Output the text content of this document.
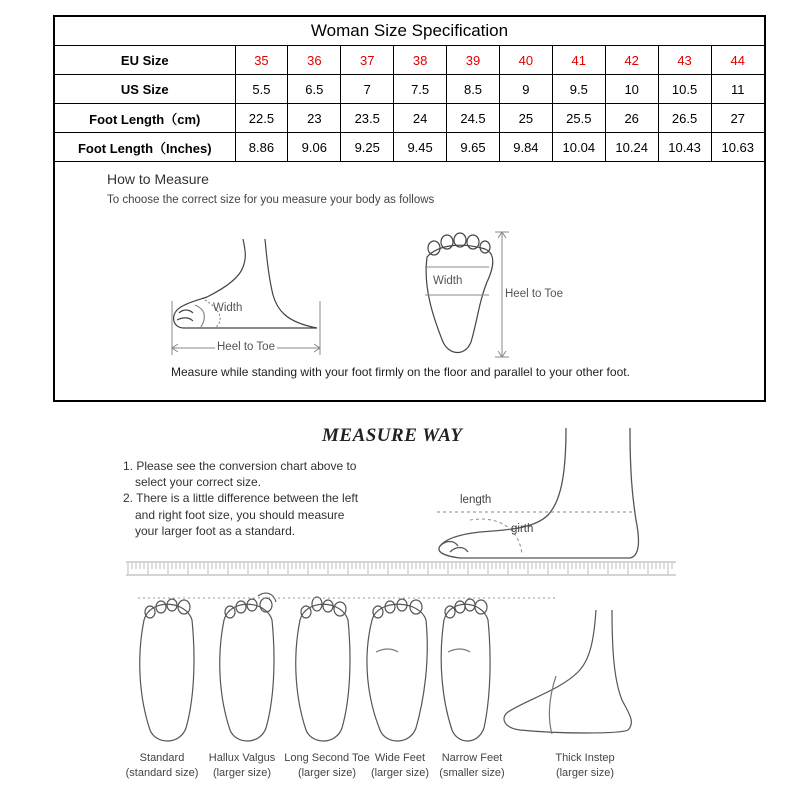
Woman Size Specification										
EU Size	35	36	37	38	39	40	41	42	43	44
US Size	5.5	6.5	7	7.5	8.5	9	9.5	10	10.5	11
Foot Length（cm)	22.5	23	23.5	24	24.5	25	25.5	26	26.5	27
Foot Length（Inches)	8.86	9.06	9.25	9.45	9.65	9.84	10.04	10.24	10.43	10.63
How to Measure
To choose the correct size for you measure your body as follows
Width
Heel to Toe
Width
Heel to Toe
Measure while standing with your foot firmly on the floor and parallel to your other foot.
MEASURE WAY
1. Please see the conversion chart above to
select your correct size.
2. There is a little difference between the left
and right foot size, you should measure
your larger foot as a standard.
length
girth
Standard
(standard size)
Hallux Valgus
(larger size)
Long Second Toe
(larger size)
Wide Feet
(larger size)
Narrow Feet
(smaller size)
Thick Instep
(larger size)
